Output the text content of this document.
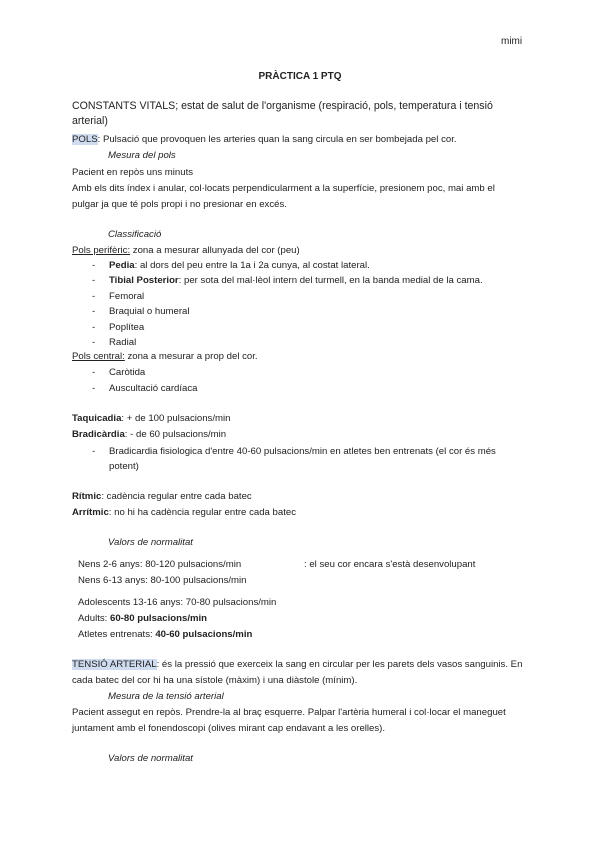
mimi
PRÀCTICA 1 PTQ
CONSTANTS VITALS; estat de salut de l'organisme (respiració, pols, temperatura i tensió
arterial)
POLS: Pulsació que provoquen les arteries quan la sang circula en ser bombejada pel cor.
Mesura del pols
Pacient en repòs uns minuts
Amb els dits índex i anular, col·locats perpendicularment a la superfície, presionem poc, mai amb el
pulgar ja que té pols propi i no presionar en excés.
Classificació
Pols perifèric: zona a mesurar allunyada del cor (peu)
- Pedia: al dors del peu entre la 1a i 2a cunya, al costat lateral.
- Tibial Posterior: per sota del mal·lèol intern del turmell, en la banda medial de la cama.
- Femoral
- Braquial o humeral
- Poplítea
- Radial
Pols central: zona a mesurar a prop del cor.
- Caròtida
- Auscultació cardíaca
Taquicadia: + de 100 pulsacions/min
Bradicàrdia: - de 60 pulsacions/min
- Bradicardia fisiologica d'entre 40-60 pulsacions/min en atletes ben entrenats (el cor és més
potent)
Rítmic: cadència regular entre cada batec
Arrítmic: no hi ha cadència regular entre cada batec
Valors de normalitat
Nens 2-6 anys: 80-120 pulsacions/min	: el seu cor encara s'està desenvolupant
Nens 6-13 anys: 80-100 pulsacions/min
Adolescents 13-16 anys: 70-80 pulsacions/min
Adults: 60-80 pulsacions/min
Atletes entrenats: 40-60 pulsacions/min
TENSIÓ ARTERIAL: és la pressió que exerceix la sang en circular per les parets dels vasos sanguinis. En
cada batec del cor hi ha una sístole (màxim) i una diàstole (mínim).
Mesura de la tensió arterial
Pacient assegut en repòs. Prendre-la al braç esquerre. Palpar l'artèria humeral i col·locar el maneguet
juntament amb el fonendoscopi (olives mirant cap endavant a les orelles).
Valors de normalitat
